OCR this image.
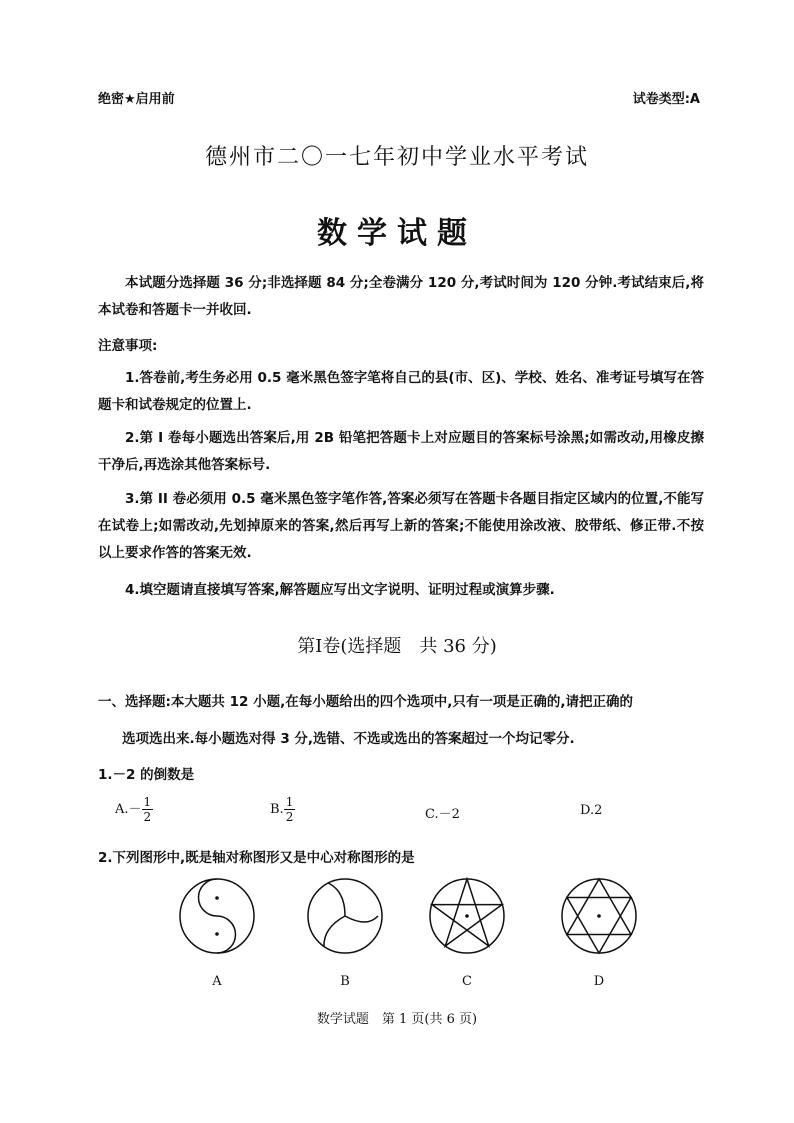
绝密★启用前	试卷类型:A
德州市二〇一七年初中学业水平考试
数学试题
本试题分选择题 36 分;非选择题 84 分;全卷满分 120 分,考试时间为 120 分钟.考试结束后,将本试卷和答题卡一并收回.
注意事项:
1.答卷前,考生务必用 0.5 毫米黑色签字笔将自己的县(市、区)、学校、姓名、准考证号填写在答题卡和试卷规定的位置上.
2.第 I 卷每小题选出答案后,用 2B 铅笔把答题卡上对应题目的答案标号涂黑;如需改动,用橡皮擦干净后,再选涂其他答案标号.
3.第 II 卷必须用 0.5 毫米黑色签字笔作答,答案必须写在答题卡各题目指定区域内的位置,不能写在试卷上;如需改动,先划掉原来的答案,然后再写上新的答案;不能使用涂改液、胶带纸、修正带.不按以上要求作答的答案无效.
4.填空题请直接填写答案,解答题应写出文字说明、证明过程或演算步骤.
第Ⅰ卷(选择题　共 36 分)
一、选择题:本大题共 12 小题,在每小题给出的四个选项中,只有一项是正确的,请把正确的
选项选出来.每小题选对得 3 分,选错、不选或选出的答案超过一个均记零分.
1.－2 的倒数是
$A.- \frac{1}{2}$	B. $\frac{1}{2}$	C.－2	D.2
2.下列图形中,既是轴对称图形又是中心对称图形的是
A	B	C	D
数学试题　第 1 页(共 6 页)
